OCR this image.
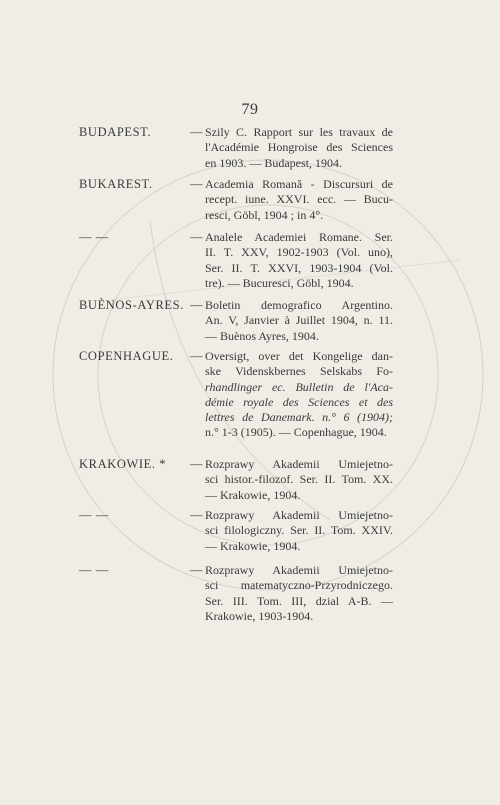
79
BUDAPEST.	— Szily C. Rapport sur les travaux de
l'Académie Hongroise des Sciences
en 1903. — Budapest, 1904.
BUKAREST.	— Academia Romană - Discursuri de
recept. iune. XXVI. ecc. — Bucu-
resci, Göbl, 1904 ; in 4°.
— —	— Analele Academiei Romane. Ser.
II. T. XXV, 1902-1903 (Vol. uno),
Ser. II. T. XXVI, 1903-1904 (Vol.
tre). — Bucuresci, Göbl, 1904.
BUÈNOS-AYRES. — Boletin demografico Argentino.
An. V, Janvier à Juillet 1904, n. 11.
— Buènos Ayres, 1904.
COPENHAGUE. — Oversigt, over det Kongelige dan-
ske Videnskbernes Selskabs Fo-
rhandlinger ec. Bulletin de l'Aca-
démie royale des Sciences et des
lettres de Danemark. n.° 6 (1904);
n.° 1-3 (1905). — Copenhague, 1904.
KRAKOWIE. * — Rozprawy Akademii Umiejetno-
sci histor.-filozof. Ser. II. Tom. XX.
— Krakowie, 1904.
— —	— Rozprawy Akademii Umiejetno-
sci filologiczny. Ser. II. Tom. XXIV.
— Krakowie, 1904.
— —	— Rozprawy Akademii Umiejetno-
sci matematyczno-Przyrodniczego.
Ser. III. Tom. III, dzial A-B. —
Krakowie, 1903-1904.
